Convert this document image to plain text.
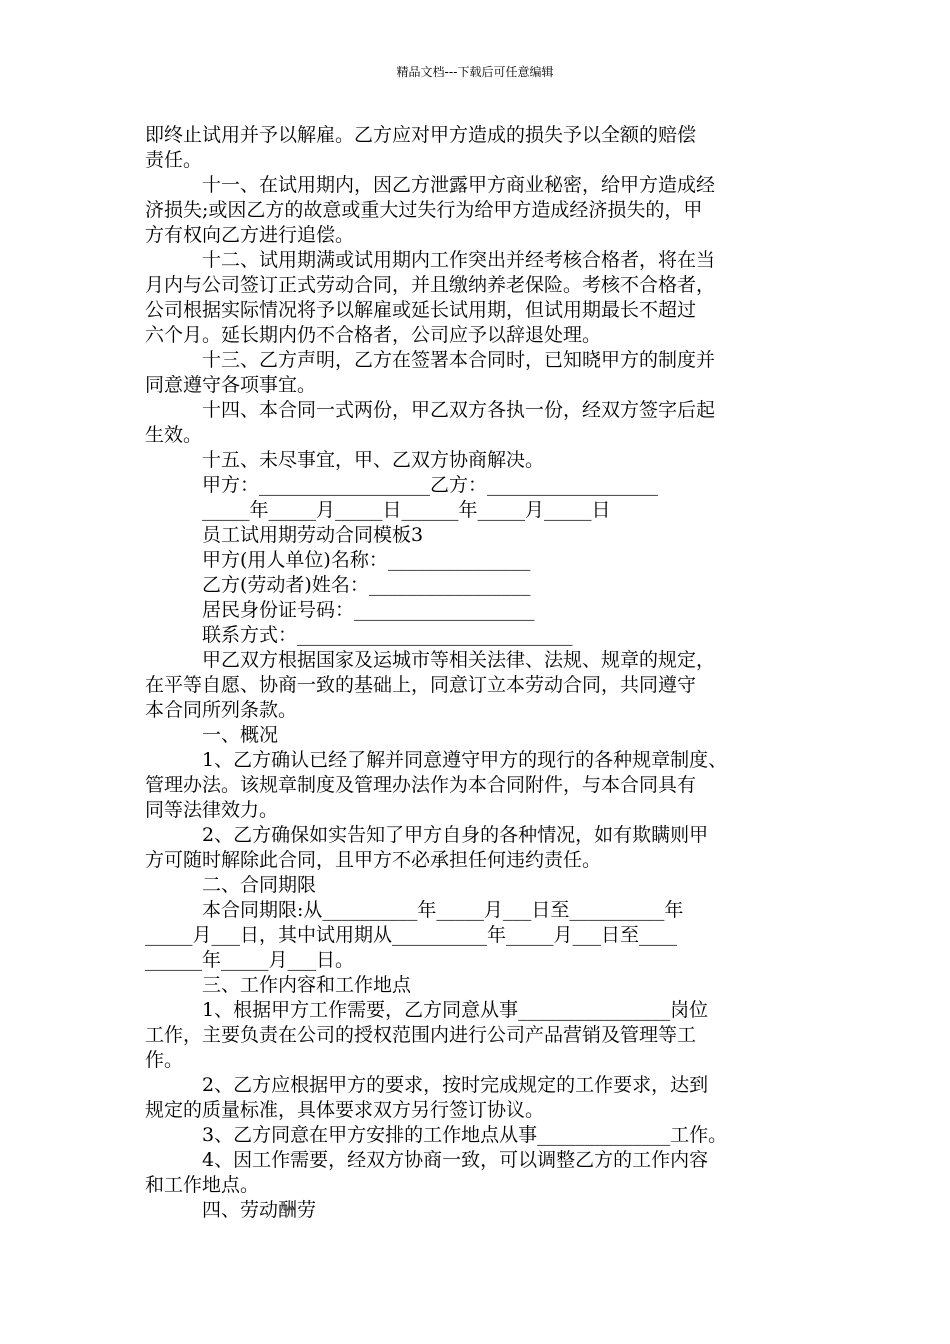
精品文档---下载后可任意编辑
即终止试用并予以解雇。乙方应对甲方造成的损失予以全额的赔偿
责任。
十一、在试用期内，因乙方泄露甲方商业秘密，给甲方造成经
济损失;或因乙方的故意或重大过失行为给甲方造成经济损失的，甲
方有权向乙方进行追偿。
十二、试用期满或试用期内工作突出并经考核合格者，将在当
月内与公司签订正式劳动合同，并且缴纳养老保险。考核不合格者，
公司根据实际情况将予以解雇或延长试用期，但试用期最长不超过
六个月。延长期内仍不合格者，公司应予以辞退处理。
十三、乙方声明，乙方在签署本合同时，已知晓甲方的制度并
同意遵守各项事宜。
十四、本合同一式两份，甲乙双方各执一份，经双方签字后起
生效。
十五、未尽事宜，甲、乙双方协商解决。
甲方：__________________乙方：__________________
_____年_____月_____日______年_____月_____日
员工试用期劳动合同模板3
甲方(用人单位)名称：_______________
乙方(劳动者)姓名：_________________
居民身份证号码：___________________
联系方式：_____________________________
甲乙双方根据国家及运城市等相关法律、法规、规章的规定，
在平等自愿、协商一致的基础上，同意订立本劳动合同，共同遵守
本合同所列条款。
一、概况
1、乙方确认已经了解并同意遵守甲方的现行的各种规章制度、
管理办法。该规章制度及管理办法作为本合同附件，与本合同具有
同等法律效力。
2、乙方确保如实告知了甲方自身的各种情况，如有欺瞒则甲
方可随时解除此合同，且甲方不必承担任何违约责任。
二、合同期限
本合同期限:从__________年_____月___日至__________年
_____月___日，其中试用期从__________年_____月___日至____
______年_____月___日。
三、工作内容和工作地点
1、根据甲方工作需要，乙方同意从事________________岗位
工作，主要负责在公司的授权范围内进行公司产品营销及管理等工
作。
2、乙方应根据甲方的要求，按时完成规定的工作要求，达到
规定的质量标准，具体要求双方另行签订协议。
3、乙方同意在甲方安排的工作地点从事______________工作。
4、因工作需要，经双方协商一致，可以调整乙方的工作内容
和工作地点。
四、劳动酬劳
